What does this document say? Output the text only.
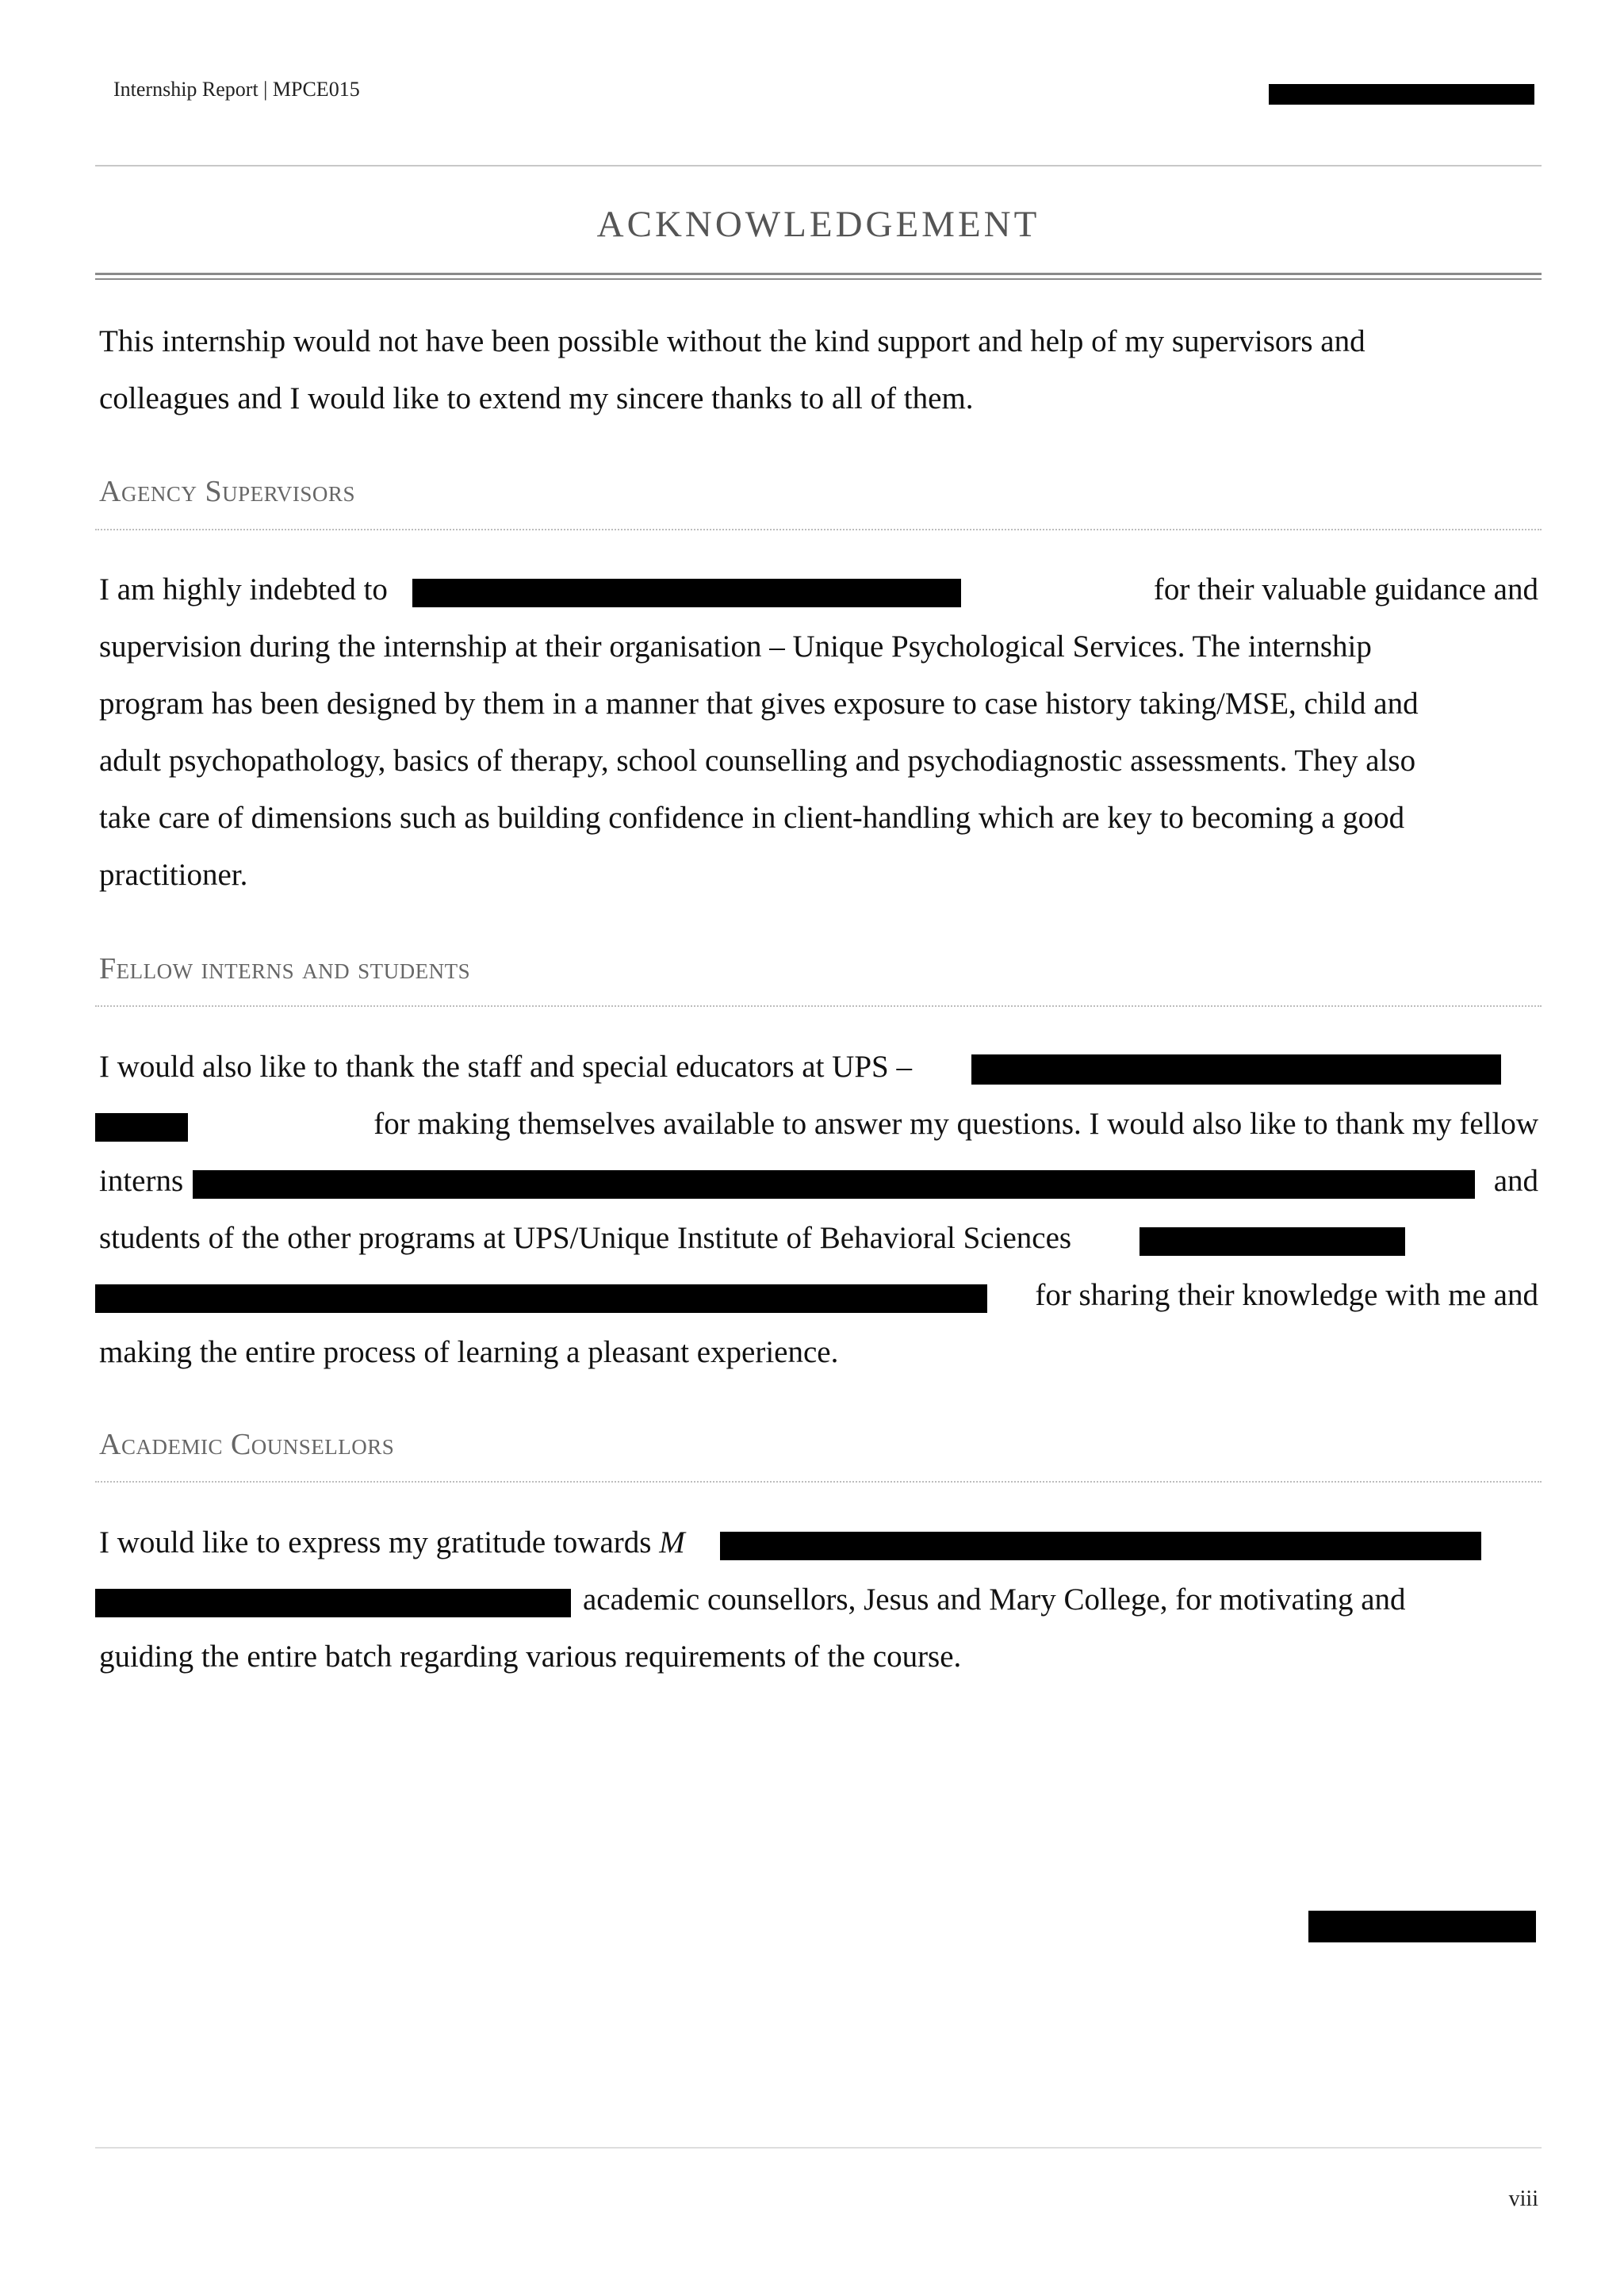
Internship Report | MPCE015
ACKNOWLEDGEMENT
This internship would not have been possible without the kind support and help of my supervisors and
colleagues and I would like to extend my sincere thanks to all of them.
Agency Supervisors
I am highly indebted to	for their valuable guidance and
supervision during the internship at their organisation – Unique Psychological Services. The internship
program has been designed by them in a manner that gives exposure to case history taking/MSE, child and
adult psychopathology, basics of therapy, school counselling and psychodiagnostic assessments. They also
take care of dimensions such as building confidence in client-handling which are key to becoming a good
practitioner.
Fellow interns and students
I would also like to thank the staff and special educators at UPS –
for making themselves available to answer my questions. I would also like to thank my fellow
interns	and
students of the other programs at UPS/Unique Institute of Behavioral Sciences
for sharing their knowledge with me and
making the entire process of learning a pleasant experience.
Academic Counsellors
I would like to express my gratitude towards M
academic counsellors, Jesus and Mary College, for motivating and
guiding the entire batch regarding various requirements of the course.
viii
